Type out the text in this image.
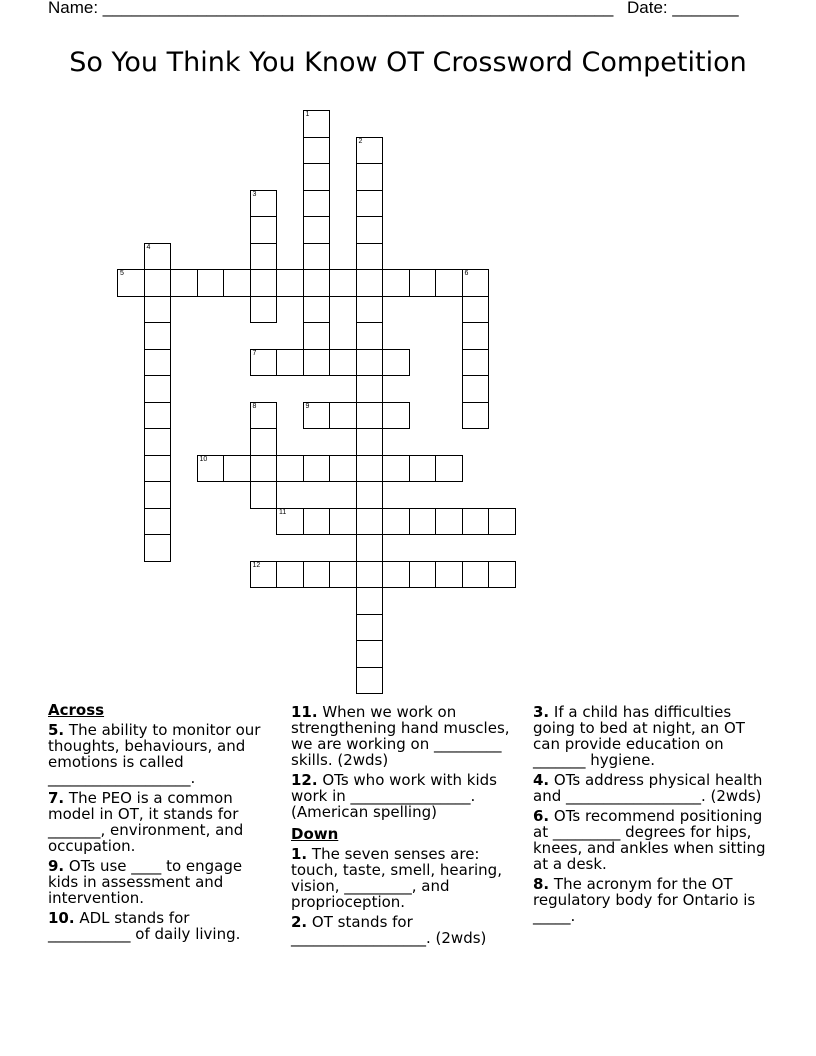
Name: ______________________________________________________ Date: _______
So You Think You Know OT Crossword Competition
1
2
3
4
5	6
7
8	9
10
11
12
Across
5. The ability to monitor our thoughts, behaviours, and emotions is called ___________________.
7. The PEO is a common model in OT, it stands for _______, environment, and occupation.
9. OTs use ____ to engage kids in assessment and intervention.
10. ADL stands for ___________ of daily living.
11. When we work on strengthening hand muscles, we are working on _________ skills. (2wds)
12. OTs who work with kids work in ________________. (American spelling)
Down
1. The seven senses are: touch, taste, smell, hearing, vision, _________, and proprioception.
2. OT stands for __________________. (2wds)
3. If a child has difficulties going to bed at night, an OT can provide education on _______ hygiene.
4. OTs address physical health and __________________. (2wds)
6. OTs recommend positioning at _________ degrees for hips, knees, and ankles when sitting at a desk.
8. The acronym for the OT regulatory body for Ontario is _____.
